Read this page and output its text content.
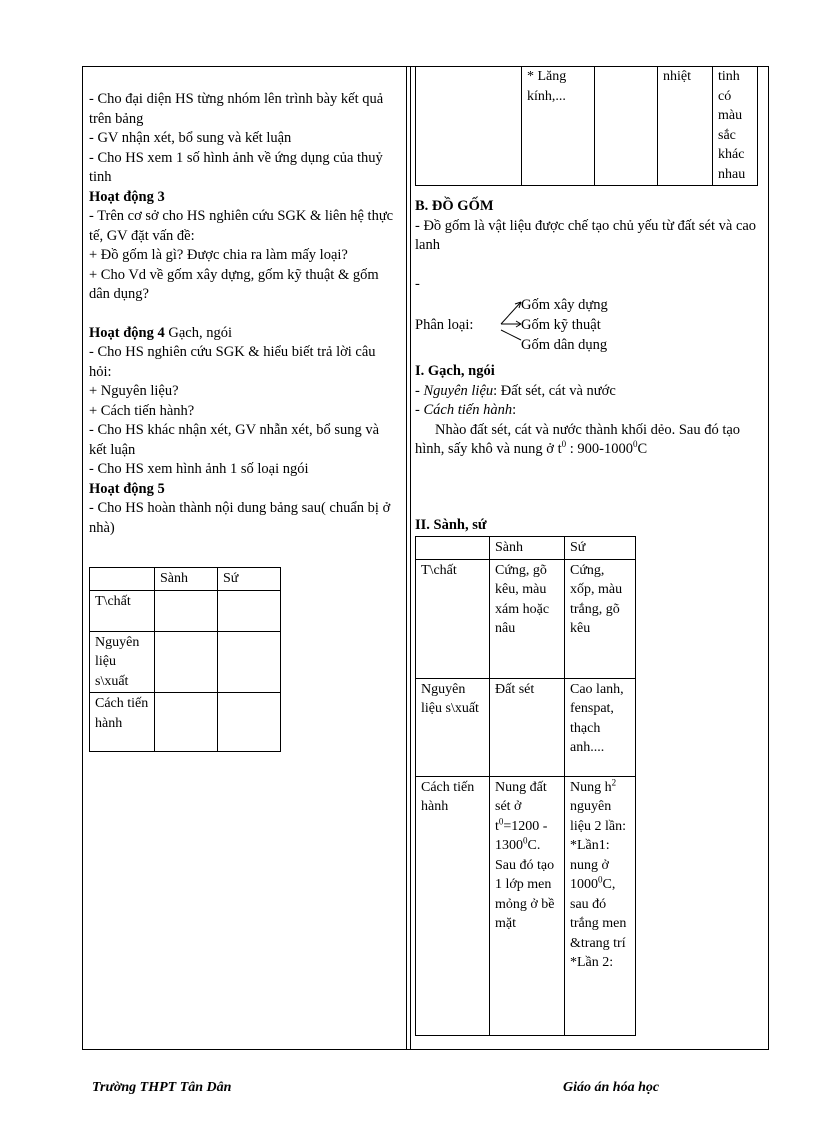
- Cho đại diện HS từng nhóm lên trình bày kết quả trên bảng

- GV nhận xét, bổ sung và kết luận

- Cho HS xem 1 số hình ảnh về ứng dụng của thuỷ tinh

Hoạt động 3

- Trên cơ sở cho HS nghiên cứu SGK & liên hệ thực tế, GV đặt vấn đề:

+ Đồ gốm là gì? Được chia ra làm mấy loại?

+ Cho Vd về gốm xây dựng, gốm kỹ thuật & gốm dân dụng?

Hoạt động 4 Gạch, ngói

- Cho HS nghiên cứu SGK & hiểu biết trả lời câu hỏi:

+ Nguyên liệu?

+ Cách tiến hành?

- Cho HS khác nhận xét, GV nhẫn xét, bổ sung và kết luận

- Cho HS xem hình ảnh 1 số loại ngói

Hoạt động 5

- Cho HS hoàn thành nội dung bảng sau( chuẩn bị ở nhà)

	Sành	Sứ
T\chất		
Nguyên liệu s\xuất		
Cách tiến hành		
	* Lăng kính,...		nhiệt	tinh có màu sắc khác nhau

B. ĐỒ GỐM

- Đồ gốm là vật liệu được chế tạo chủ yếu từ đất sét và cao lanh

-

Phân loại:
Gốm xây dựng
Gốm kỹ thuật
Gốm dân dụng

I. Gạch, ngói

- Nguyên liệu: Đất sét, cát và nước

- Cách tiến hành:

Nhào đất sét, cát và nước thành khối dẻo. Sau đó tạo hình, sấy khô và nung ở $t^0$ : 900-1000$^0$C

II. Sành, sứ

	Sành	Sứ
T\chất	Cứng, gõ kêu, màu xám hoặc nâu	Cứng, xốp, màu trắng, gõ kêu
Nguyên liệu s\xuất	Đất sét	Cao lanh, fenspat, thạch anh....
Cách tiến hành	Nung đất sét ở $t^0=1200 - 1300^0C$. Sau đó tạo 1 lớp men mỏng ở bề mặt	Nung $h^2$ nguyên liệu 2 lần:
*Lần1: nung ở 1000$^0$C, sau đó trắng men &trang trí
*Lần 2:
Trường THPT Tân Dân	Giáo án hóa học
